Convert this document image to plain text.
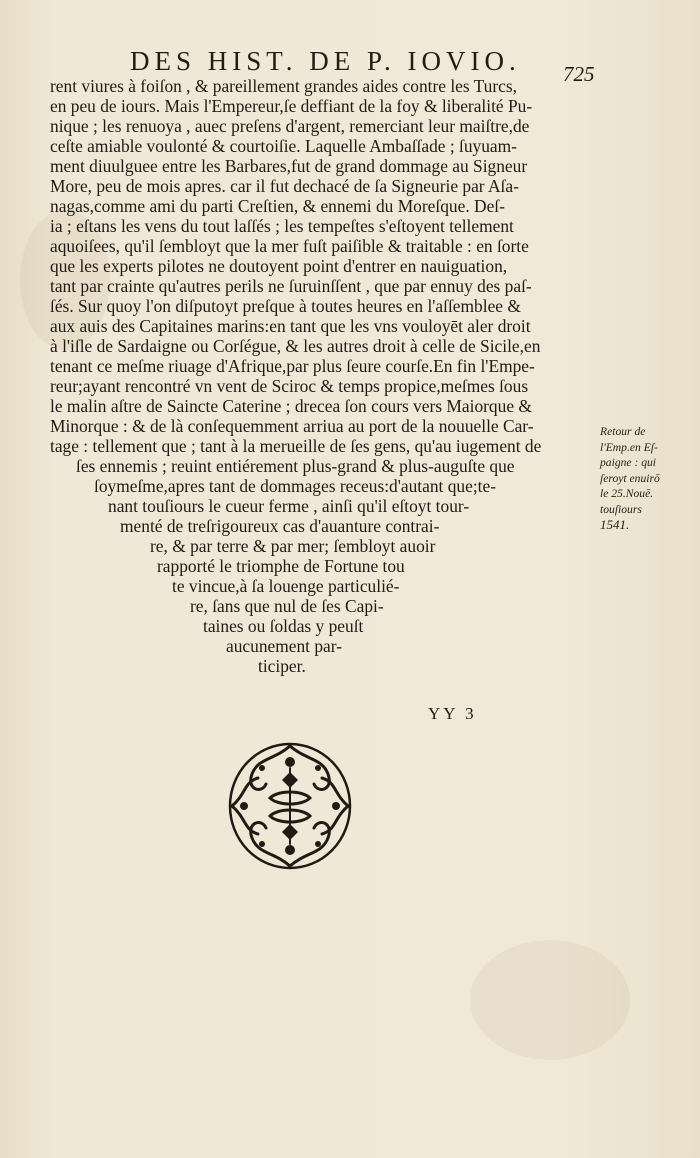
DES HIST. DE P. IOVIO.	725
rent viures à foiſon , & pareillement grandes aides contre les Turcs,
en peu de iours. Mais l'Empereur,ſe deffiant de la foy & liberalité Pu-
nique ; les renuoya , auec preſens d'argent, remerciant leur maiſtre,de
ceſte amiable voulonté & courtoiſie. Laquelle Ambaſſade ; ſuyuam-
ment diuulguee entre les Barbares,fut de grand dommage au Signeur
More, peu de mois apres. car il fut dechacé de ſa Signeurie par Aſa-
nagas,comme ami du parti Creſtien, & ennemi du Moreſque. Deſ-
ia ; eſtans les vens du tout laſſés ; les tempeſtes s'eſtoyent tellement
aquoiſees, qu'il ſembloyt que la mer fuſt paiſible & traitable : en ſorte
que les experts pilotes ne doutoyent point d'entrer en nauiguation,
tant par crainte qu'autres perils ne ſuruinſſent , que par ennuy des paſ-
ſés. Sur quoy l'on diſputoyt preſque à toutes heures en l'aſſemblee &
aux auis des Capitaines marins:en tant que les vns vouloyēt aler droit
à l'iſle de Sardaigne ou Corſégue, & les autres droit à celle de Sicile,en
tenant ce meſme riuage d'Afrique,par plus ſeure courſe.En fin l'Empe-
reur;ayant rencontré vn vent de Sciroc & temps propice,meſmes ſous
le malin aſtre de Saincte Caterine ; drecea ſon cours vers Maiorque &
Minorque : & de là conſequemment arriua au port de la nouuelle Car-
tage : tellement que ; tant à la merueille de ſes gens, qu'au iugement de
ſes ennemis ; reuint entiérement plus-grand & plus-auguſte que
ſoymeſme,apres tant de dommages receus:d'autant que;te-
nant touſiours le cueur ferme , ainſi qu'il eſtoyt tour-
menté de treſrigoureux cas d'auanture contrai-
re, & par terre & par mer; ſembloyt auoir
rapporté le triomphe de Fortune tou
te vincue,à ſa louenge particulié-
re, ſans que nul de ſes Capi-
taines ou ſoldas y peuſt
aucunement par-
ticiper.
Retour de
l'Emp.en Eſ-
paigne : qui
ſeroyt enuirō
le 25.Nouē.
touſiours
1541.
YY 3
